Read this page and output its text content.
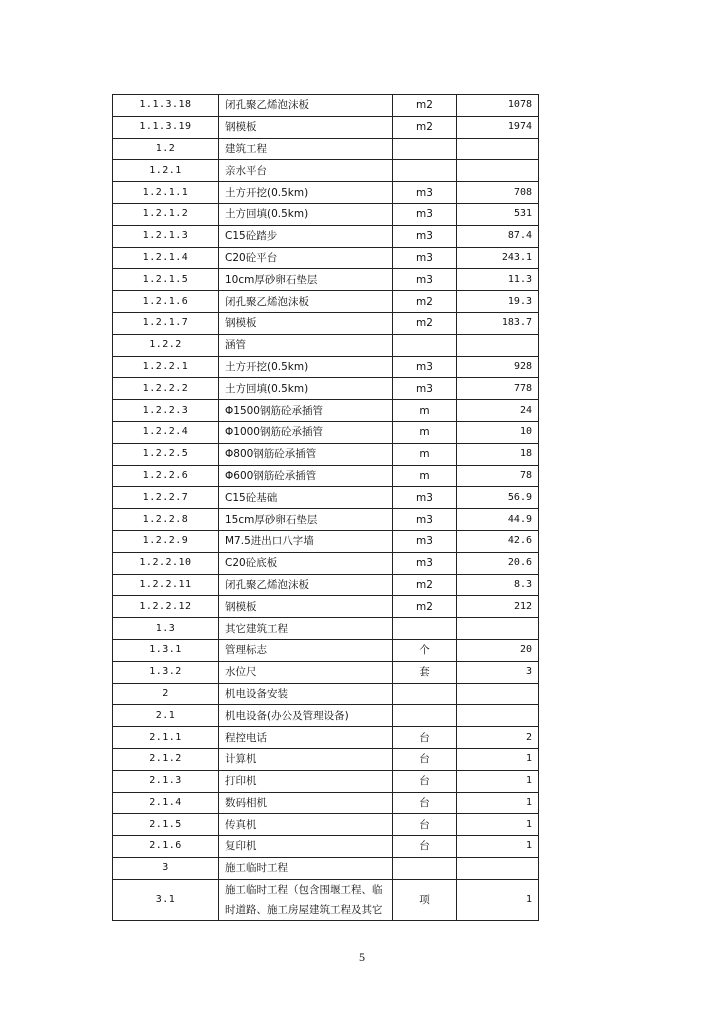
1.1.3.18	闭孔聚乙烯泡沫板	m2	1078
1.1.3.19	钢模板	m2	1974
1.2	建筑工程		
1.2.1	亲水平台		
1.2.1.1	土方开挖(0.5km)	m3	708
1.2.1.2	土方回填(0.5km)	m3	531
1.2.1.3	C15砼踏步	m3	87.4
1.2.1.4	C20砼平台	m3	243.1
1.2.1.5	10cm厚砂卵石垫层	m3	11.3
1.2.1.6	闭孔聚乙烯泡沫板	m2	19.3
1.2.1.7	钢模板	m2	183.7
1.2.2	涵管		
1.2.2.1	土方开挖(0.5km)	m3	928
1.2.2.2	土方回填(0.5km)	m3	778
1.2.2.3	Φ1500钢筋砼承插管	m	24
1.2.2.4	Φ1000钢筋砼承插管	m	10
1.2.2.5	Φ800钢筋砼承插管	m	18
1.2.2.6	Φ600钢筋砼承插管	m	78
1.2.2.7	C15砼基础	m3	56.9
1.2.2.8	15cm厚砂卵石垫层	m3	44.9
1.2.2.9	M7.5进出口八字墙	m3	42.6
1.2.2.10	C20砼底板	m3	20.6
1.2.2.11	闭孔聚乙烯泡沫板	m2	8.3
1.2.2.12	钢模板	m2	212
1.3	其它建筑工程		
1.3.1	管理标志	个	20
1.3.2	水位尺	套	3
2	机电设备安装		
2.1	机电设备(办公及管理设备)		
2.1.1	程控电话	台	2
2.1.2	计算机	台	1
2.1.3	打印机	台	1
2.1.4	数码相机	台	1
2.1.5	传真机	台	1
2.1.6	复印机	台	1
3	施工临时工程		
3.1	施工临时工程（包含围堰工程、临时道路、施工房屋建筑工程及其它	项	1
5
